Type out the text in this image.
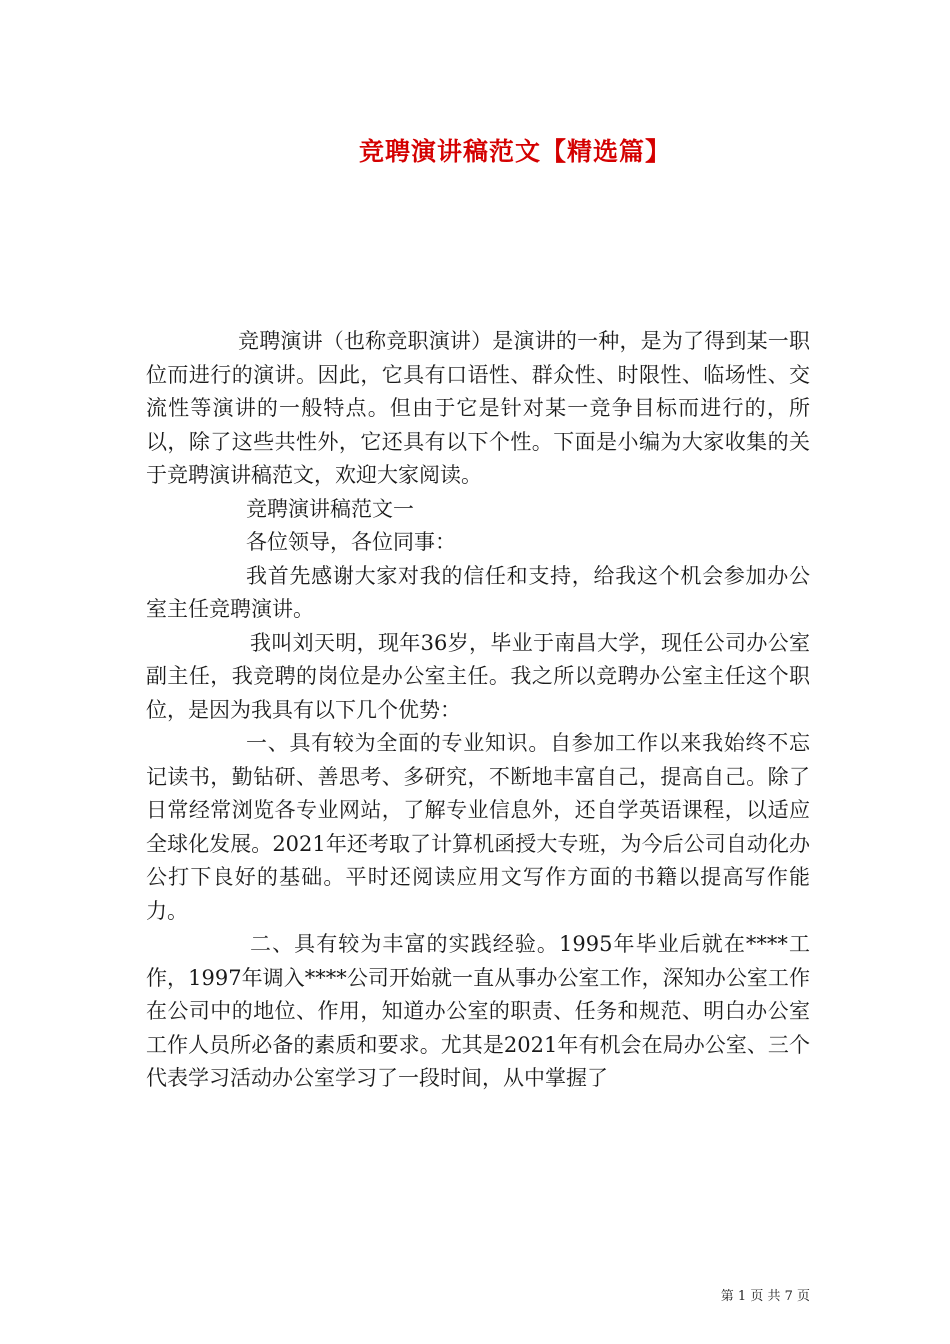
竞聘演讲稿范文【精选篇】

竞聘演讲（也称竞职演讲）是演讲的一种，是为了得到某一职位而进行的演讲。因此，它具有口语性、群众性、时限性、临场性、交流性等演讲的一般特点。但由于它是针对某一竞争目标而进行的，所以，除了这些共性外，它还具有以下个性。下面是小编为大家收集的关于竞聘演讲稿范文，欢迎大家阅读。

竞聘演讲稿范文一

各位领导，各位同事：

我首先感谢大家对我的信任和支持，给我这个机会参加办公室主任竞聘演讲。

我叫刘天明，现年36岁，毕业于南昌大学，现任公司办公室副主任，我竞聘的岗位是办公室主任。我之所以竞聘办公室主任这个职位，是因为我具有以下几个优势：

一、具有较为全面的专业知识。自参加工作以来我始终不忘记读书，勤钻研、善思考、多研究，不断地丰富自己，提高自己。除了日常经常浏览各专业网站，了解专业信息外，还自学英语课程，以适应全球化发展。2021年还考取了计算机函授大专班，为今后公司自动化办公打下良好的基础。平时还阅读应用文写作方面的书籍以提高写作能力。

二、具有较为丰富的实践经验。1995年毕业后就在****工作，1997年调入****公司开始就一直从事办公室工作，深知办公室工作在公司中的地位、作用，知道办公室的职责、任务和规范、明白办公室工作人员所必备的素质和要求。尤其是2021年有机会在局办公室、三个代表学习活动办公室学习了一段时间，从中掌握了

第 1 页 共 7 页
